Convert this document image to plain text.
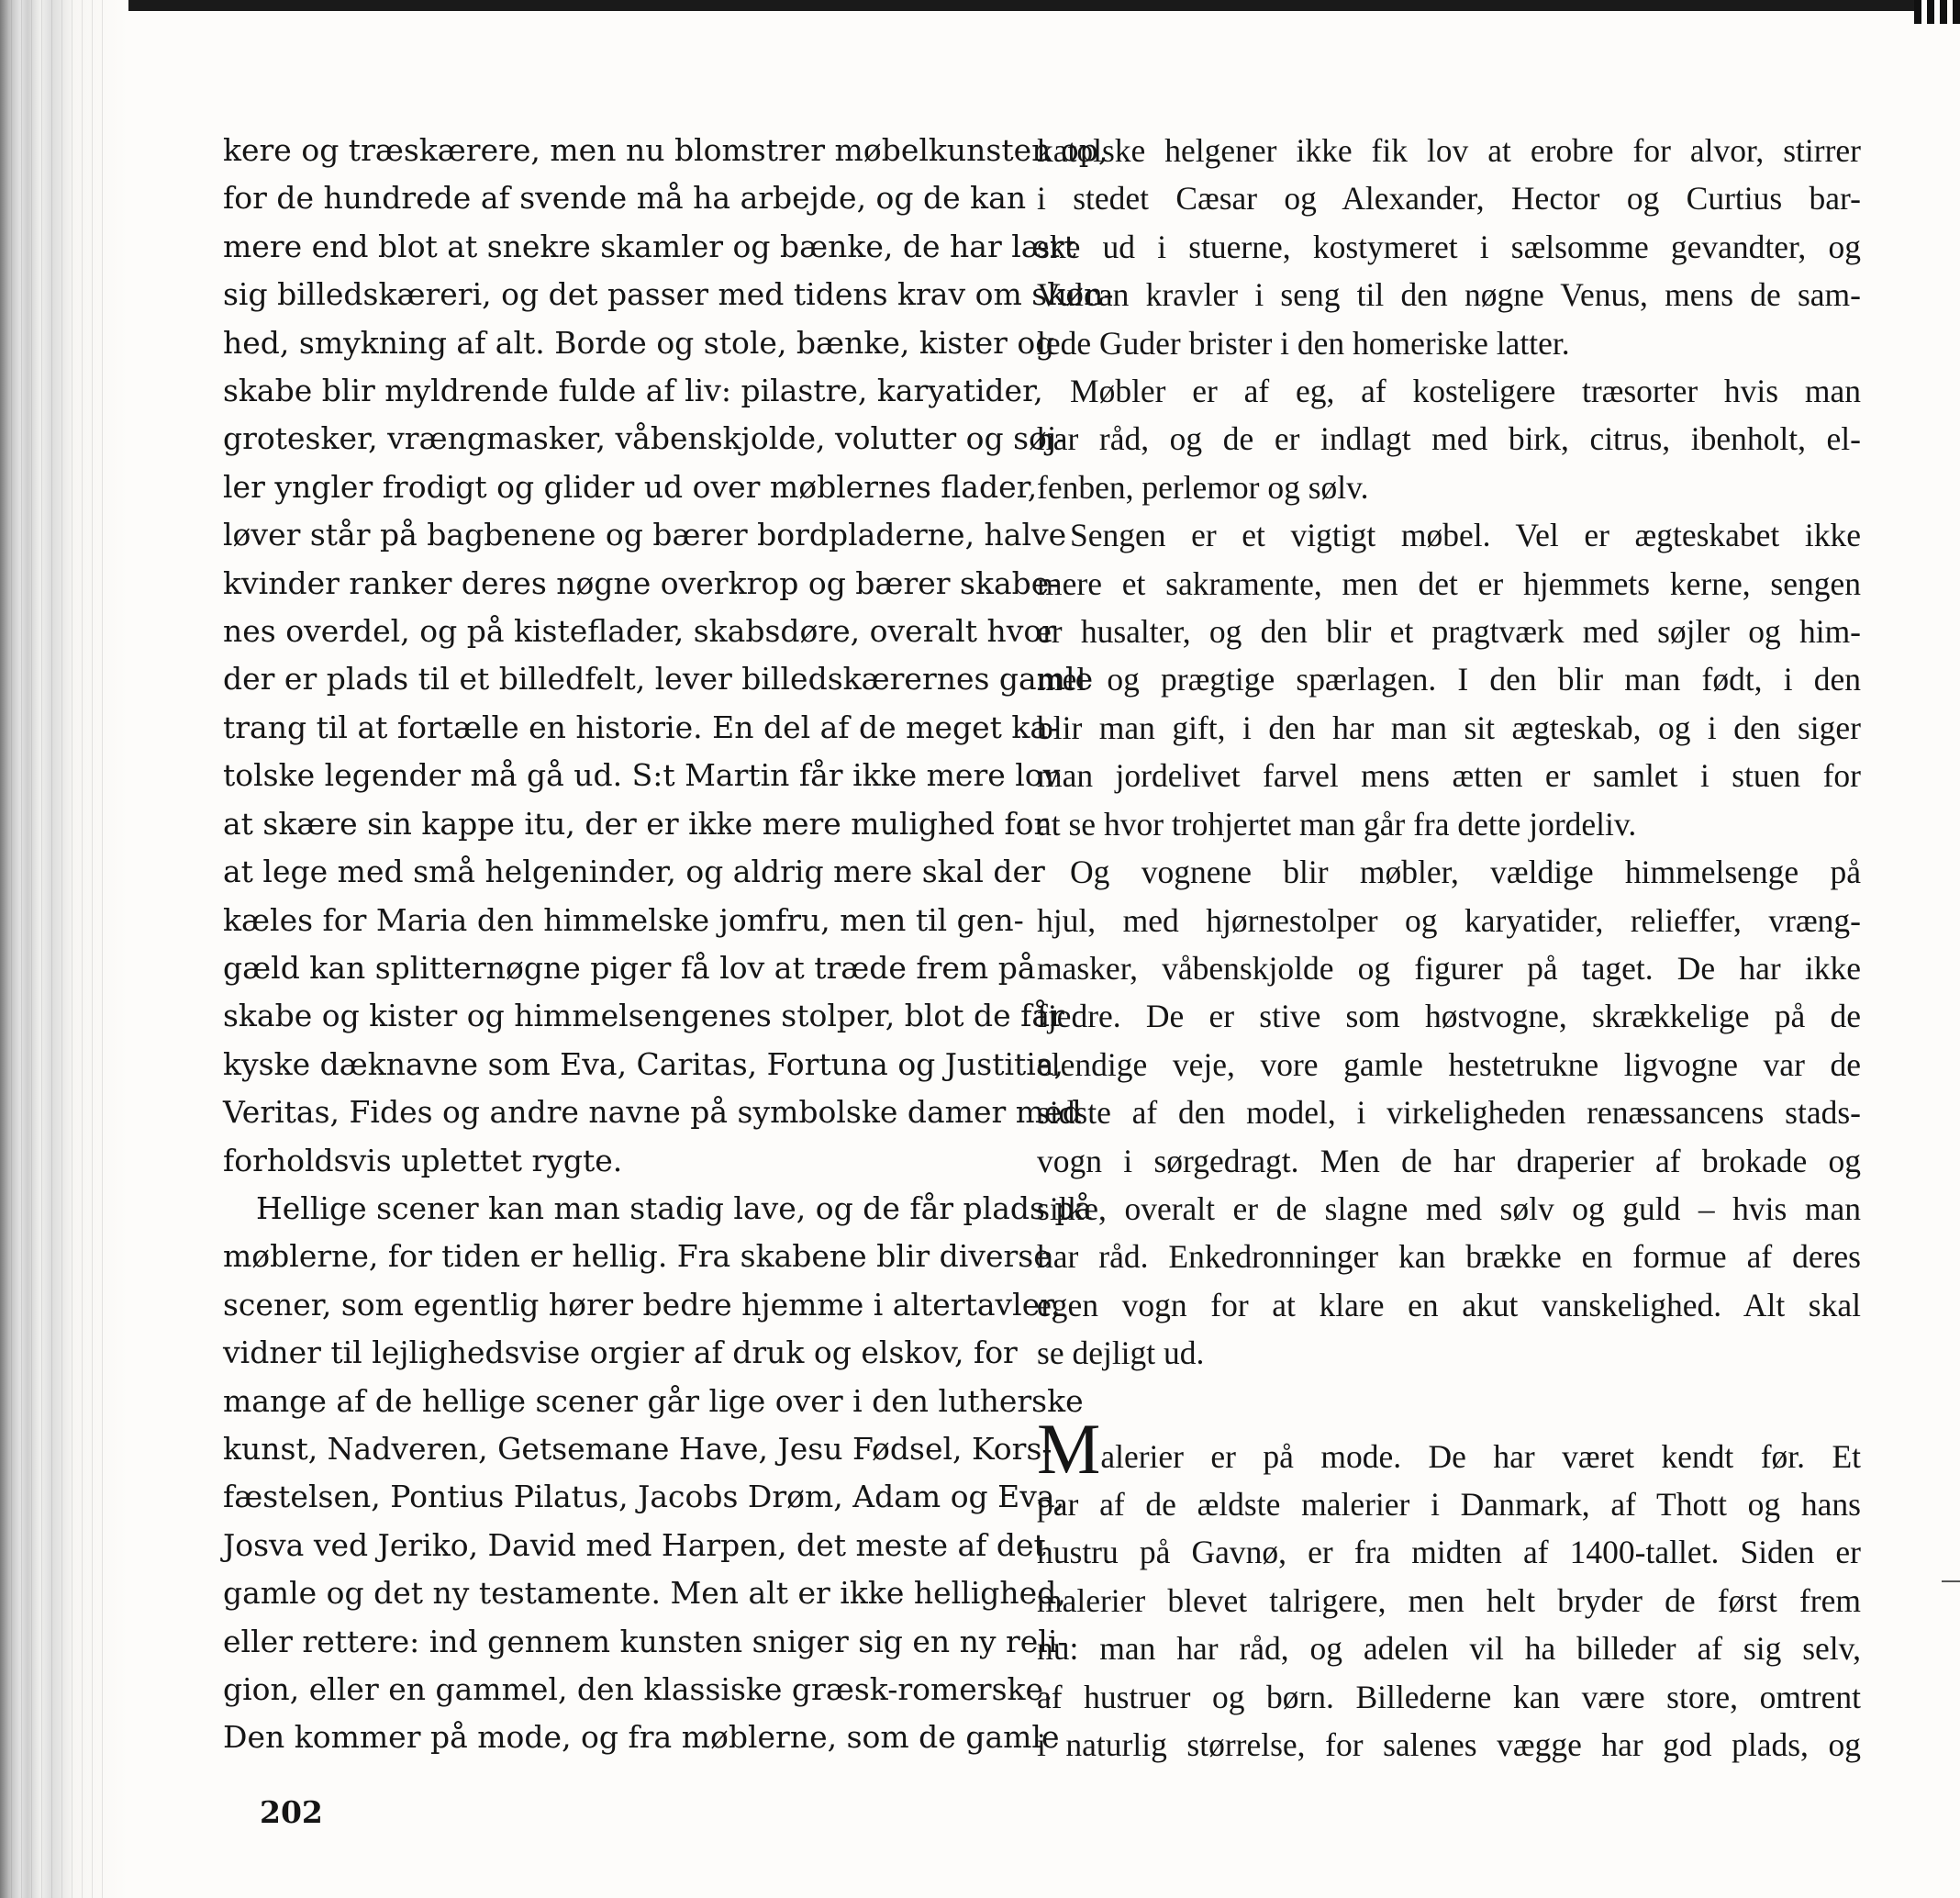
kere og træskærere, men nu blomstrer møbelkunsten op,
for de hundrede af svende må ha arbejde, og de kan
mere end blot at snekre skamler og bænke, de har lært
sig billedskæreri, og det passer med tidens krav om skøn-
hed, smykning af alt. Borde og stole, bænke, kister og
skabe blir myldrende fulde af liv: pilastre, karyatider,
grotesker, vrængmasker, våbenskjolde, volutter og søj-
ler yngler frodigt og glider ud over møblernes flader,
løver står på bagbenene og bærer bordpladerne, halve
kvinder ranker deres nøgne overkrop og bærer skabe-
nes overdel, og på kisteflader, skabsdøre, overalt hvor
der er plads til et billedfelt, lever billedskærernes gamle
trang til at fortælle en historie. En del af de meget ka-
tolske legender må gå ud. S:t Martin får ikke mere lov
at skære sin kappe itu, der er ikke mere mulighed for
at lege med små helgeninder, og aldrig mere skal der
kæles for Maria den himmelske jomfru, men til gen-
gæld kan splitternøgne piger få lov at træde frem på
skabe og kister og himmelsengenes stolper, blot de får
kyske dæknavne som Eva, Caritas, Fortuna og Justitia,
Veritas, Fides og andre navne på symbolske damer med
forholdsvis uplettet rygte.
Hellige scener kan man stadig lave, og de får plads på
møblerne, for tiden er hellig. Fra skabene blir diverse
scener, som egentlig hører bedre hjemme i altertavler,
vidner til lejlighedsvise orgier af druk og elskov, for
mange af de hellige scener går lige over i den lutherske
kunst, Nadveren, Getsemane Have, Jesu Fødsel, Kors-
fæstelsen, Pontius Pilatus, Jacobs Drøm, Adam og Eva,
Josva ved Jeriko, David med Harpen, det meste af det
gamle og det ny testamente. Men alt er ikke hellighed,
eller rettere: ind gennem kunsten sniger sig en ny reli-
gion, eller en gammel, den klassiske græsk-romerske.
Den kommer på mode, og fra møblerne, som de gamle
katolske helgener ikke fik lov at erobre for alvor, stirrer
i stedet Cæsar og Alexander, Hector og Curtius bar-
ske ud i stuerne, kostymeret i sælsomme gevandter, og
Vulcan kravler i seng til den nøgne Venus, mens de sam-
lede Guder brister i den homeriske latter.
Møbler er af eg, af kosteligere træsorter hvis man
har råd, og de er indlagt med birk, citrus, ibenholt, el-
fenben, perlemor og sølv.
Sengen er et vigtigt møbel. Vel er ægteskabet ikke
mere et sakramente, men det er hjemmets kerne, sengen
er husalter, og den blir et pragtværk med søjler og him-
mel og prægtige spærlagen. I den blir man født, i den
blir man gift, i den har man sit ægteskab, og i den siger
man jordelivet farvel mens ætten er samlet i stuen for
at se hvor trohjertet man går fra dette jordeliv.
Og vognene blir møbler, vældige himmelsenge på
hjul, med hjørnestolper og karyatider, relieffer, vræng-
masker, våbenskjolde og figurer på taget. De har ikke
fjedre. De er stive som høstvogne, skrækkelige på de
elendige veje, vore gamle hestetrukne ligvogne var de
sidste af den model, i virkeligheden renæssancens stads-
vogn i sørgedragt. Men de har draperier af brokade og
silke, overalt er de slagne med sølv og guld – hvis man
har råd. Enkedronninger kan brække en formue af deres
egen vogn for at klare en akut vanskelighed. Alt skal
se dejligt ud.
Malerier er på mode. De har været kendt før. Et
par af de ældste malerier i Danmark, af Thott og hans
hustru på Gavnø, er fra midten af 1400-tallet. Siden er
malerier blevet talrigere, men helt bryder de først frem
nu: man har råd, og adelen vil ha billeder af sig selv,
af hustruer og børn. Billederne kan være store, omtrent
i naturlig størrelse, for salenes vægge har god plads, og
202
